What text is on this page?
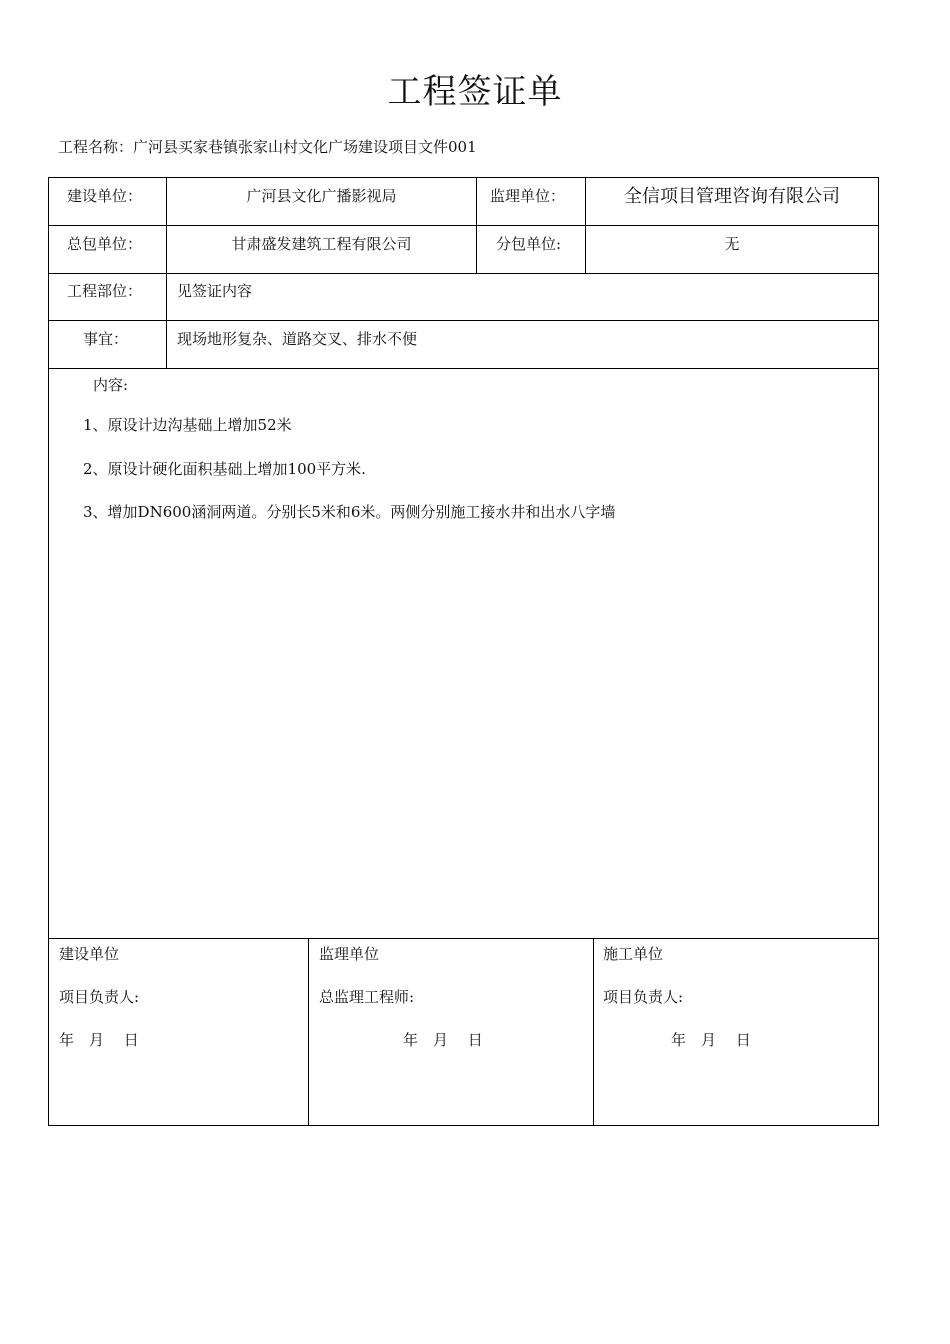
工程签证单
工程名称：广河县买家巷镇张家山村文化广场建设项目文件001
建设单位：	广河县文化广播影视局	监理单位：	全信项目管理咨询有限公司
总包单位：	甘肃盛发建筑工程有限公司	分包单位:	无
工程部位： 见签证内容
事宜：	现场地形复杂、道路交叉、排水不便
内容:
1、原设计边沟基础上增加52米
2、原设计硬化面积基础上增加100平方米.
3、增加DN600涵洞两道。分别长5米和6米。两侧分别施工接水井和出水八字墙
建设单位
项目负责人:
年　月　 日
监理单位
总监理工程师:
年　月　 日
施工单位
项目负责人:
年　月　 日
